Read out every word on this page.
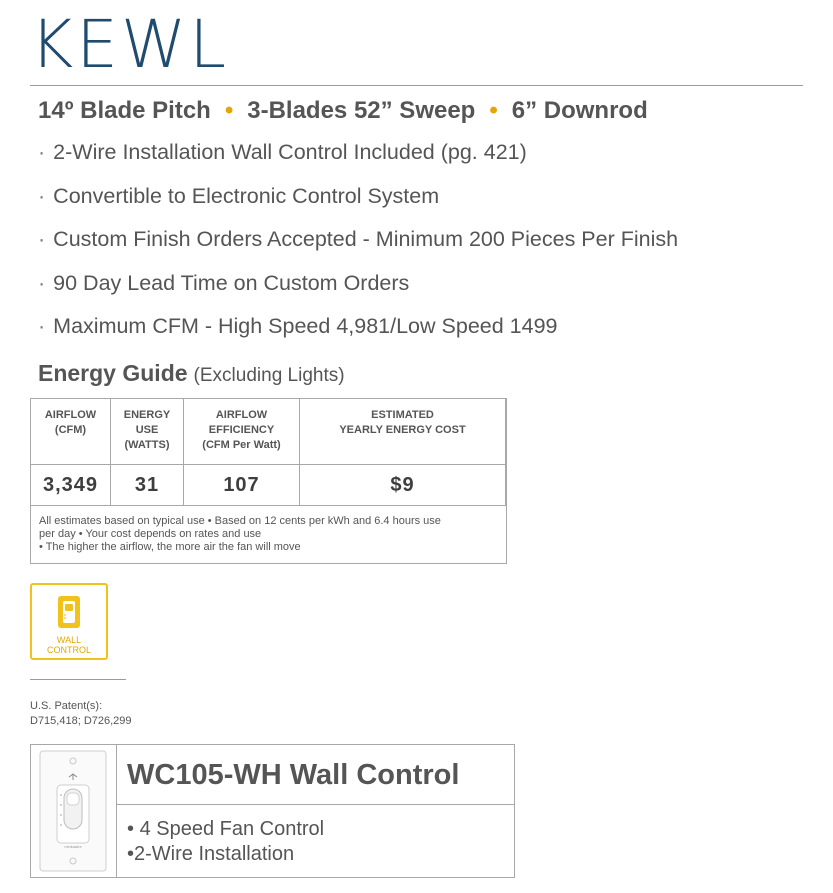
KEWL
14º Blade Pitch • 3-Blades 52” Sweep • 6” Downrod
· 2-Wire Installation Wall Control Included (pg. 421)
· Convertible to Electronic Control System
· Custom Finish Orders Accepted - Minimum 200 Pieces Per Finish
· 90 Day Lead Time on Custom Orders
· Maximum CFM - High Speed 4,981/Low Speed 1499
Energy Guide (Excluding Lights)
AIRFLOW
(CFM)
3,349
ENERGY
USE
(WATTS)
31
AIRFLOW
EFFICIENCY
(CFM Per Watt)
107
ESTIMATED
YEARLY ENERGY COST
$9
All estimates based on typical use • Based on 12 cents per kWh and 6.4 hours use
per day • Your cost depends on rates and use
• The higher the airflow, the more air the fan will move
WALL
CONTROL
U.S. Patent(s):
D715,418; D726,299
minkaaire
WC105-WH Wall Control
• 4 Speed Fan Control
•2-Wire Installation
